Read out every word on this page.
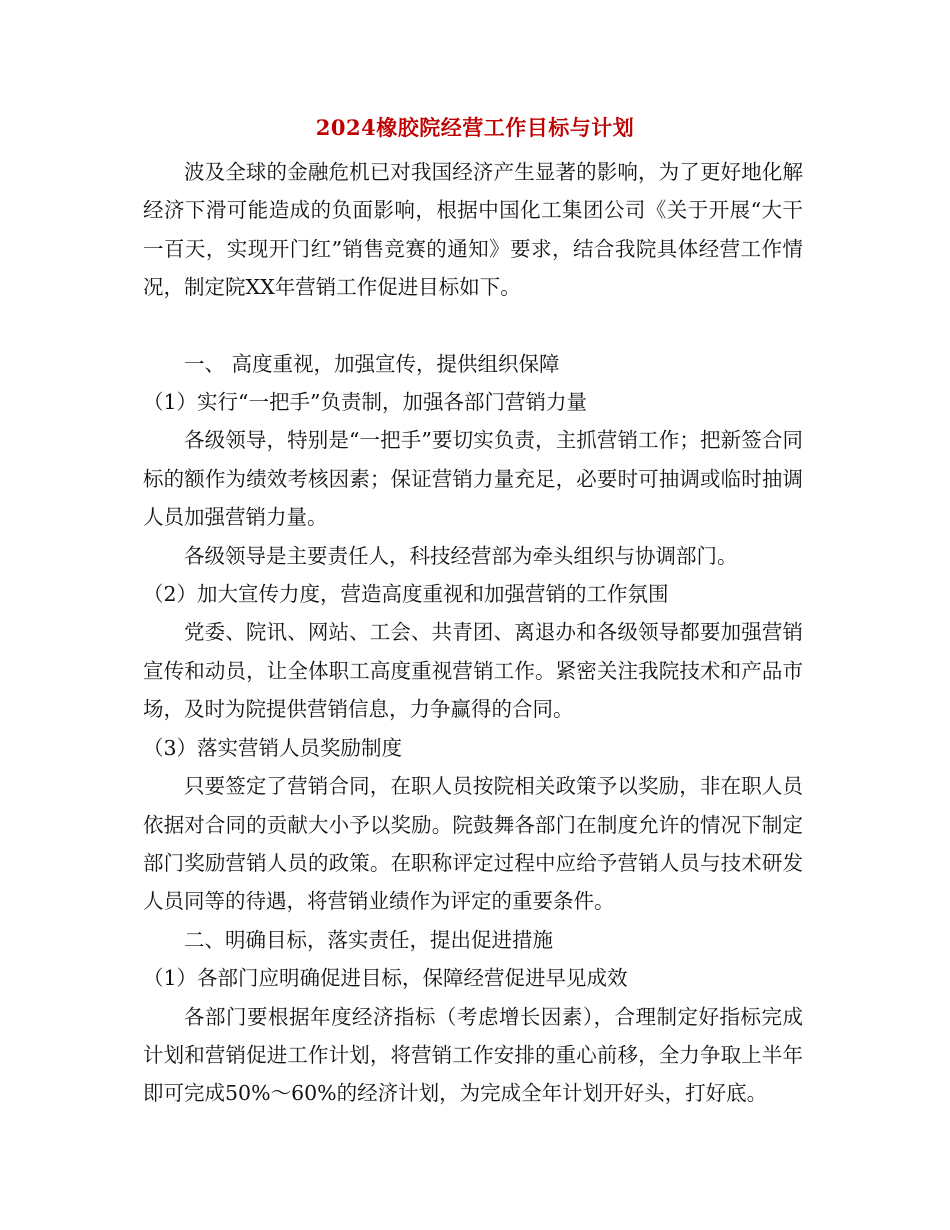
2024橡胶院经营工作目标与计划

波及全球的金融危机已对我国经济产生显著的影响，为了更好地化解经济下滑可能造成的负面影响，根据中国化工集团公司《关于开展“大干一百天，实现开门红”销售竞赛的通知》要求，结合我院具体经营工作情况，制定院XX年营销工作促进目标如下。

一、 高度重视，加强宣传，提供组织保障

（1）实行“一把手”负责制，加强各部门营销力量

各级领导，特别是“一把手”要切实负责，主抓营销工作；把新签合同标的额作为绩效考核因素；保证营销力量充足，必要时可抽调或临时抽调人员加强营销力量。

各级领导是主要责任人，科技经营部为牵头组织与协调部门。

（2）加大宣传力度，营造高度重视和加强营销的工作氛围

党委、院讯、网站、工会、共青团、离退办和各级领导都要加强营销宣传和动员，让全体职工高度重视营销工作。紧密关注我院技术和产品市场，及时为院提供营销信息，力争赢得的合同。

（3）落实营销人员奖励制度

只要签定了营销合同，在职人员按院相关政策予以奖励，非在职人员依据对合同的贡献大小予以奖励。院鼓舞各部门在制度允许的情况下制定部门奖励营销人员的政策。在职称评定过程中应给予营销人员与技术研发人员同等的待遇，将营销业绩作为评定的重要条件。

二、明确目标，落实责任，提出促进措施

（1）各部门应明确促进目标，保障经营促进早见成效

各部门要根据年度经济指标（考虑增长因素），合理制定好指标完成计划和营销促进工作计划，将营销工作安排的重心前移，全力争取上半年即可完成50%～60%的经济计划，为完成全年计划开好头，打好底。
